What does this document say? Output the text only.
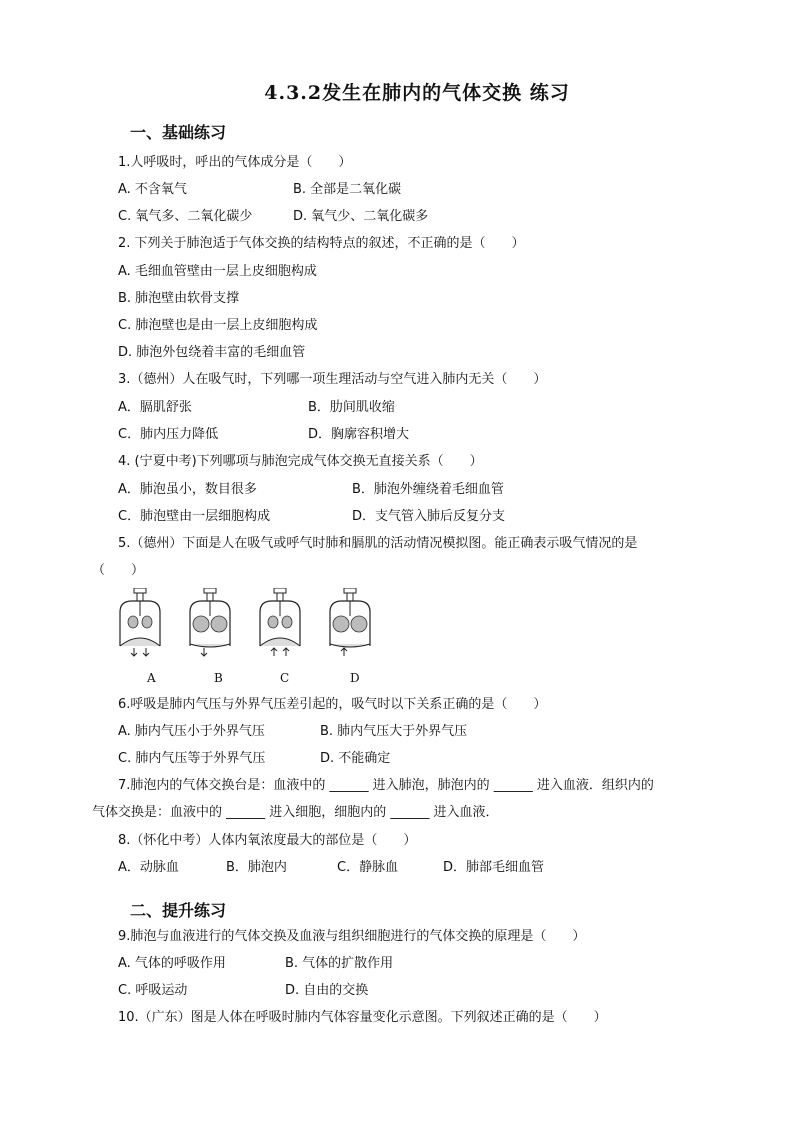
4.3.2发生在肺内的气体交换 练习
一、基础练习
1.人呼吸时，呼出的气体成分是（　　）
A. 不含氧气	B. 全部是二氧化碳
C. 氧气多、二氧化碳少	D. 氧气少、二氧化碳多
2. 下列关于肺泡适于气体交换的结构特点的叙述，不正确的是（　　）
A. 毛细血管壁由一层上皮细胞构成
B. 肺泡壁由软骨支撑
C. 肺泡壁也是由一层上皮细胞构成
D. 肺泡外包绕着丰富的毛细血管
3.（德州）人在吸气时，下列哪一项生理活动与空气进入肺内无关（　　）
A．膈肌舒张	B．肋间肌收缩
C．肺内压力降低	D．胸廓容积增大
4. (宁夏中考)下列哪项与肺泡完成气体交换无直接关系（　　）
A．肺泡虽小，数目很多	B．肺泡外缠绕着毛细血管
C．肺泡壁由一层细胞构成	D．支气管入肺后反复分支
5.（德州）下面是人在吸气或呼气时肺和膈肌的活动情况模拟图。能正确表示吸气情况的是
（　　）
A	B	C	D
6.呼吸是肺内气压与外界气压差引起的，吸气时以下关系正确的是（　　）
A. 肺内气压小于外界气压	B. 肺内气压大于外界气压
C. 肺内气压等于外界气压	D. 不能确定
7.肺泡内的气体交换台是：血液中的 ______ 进入肺泡，肺泡内的 ______ 进入血液．组织内的
气体交换是：血液中的 ______ 进入细胞，细胞内的 ______ 进入血液．
8.（怀化中考）人体内氧浓度最大的部位是（　　）
A．动脉血	B．肺泡内	C．静脉血	D．肺部毛细血管
二、提升练习
9.肺泡与血液进行的气体交换及血液与组织细胞进行的气体交换的原理是（　　）
A. 气体的呼吸作用	B. 气体的扩散作用
C. 呼吸运动	D. 自由的交换
10.（广东）图是人体在呼吸时肺内气体容量变化示意图。下列叙述正确的是（　　）
